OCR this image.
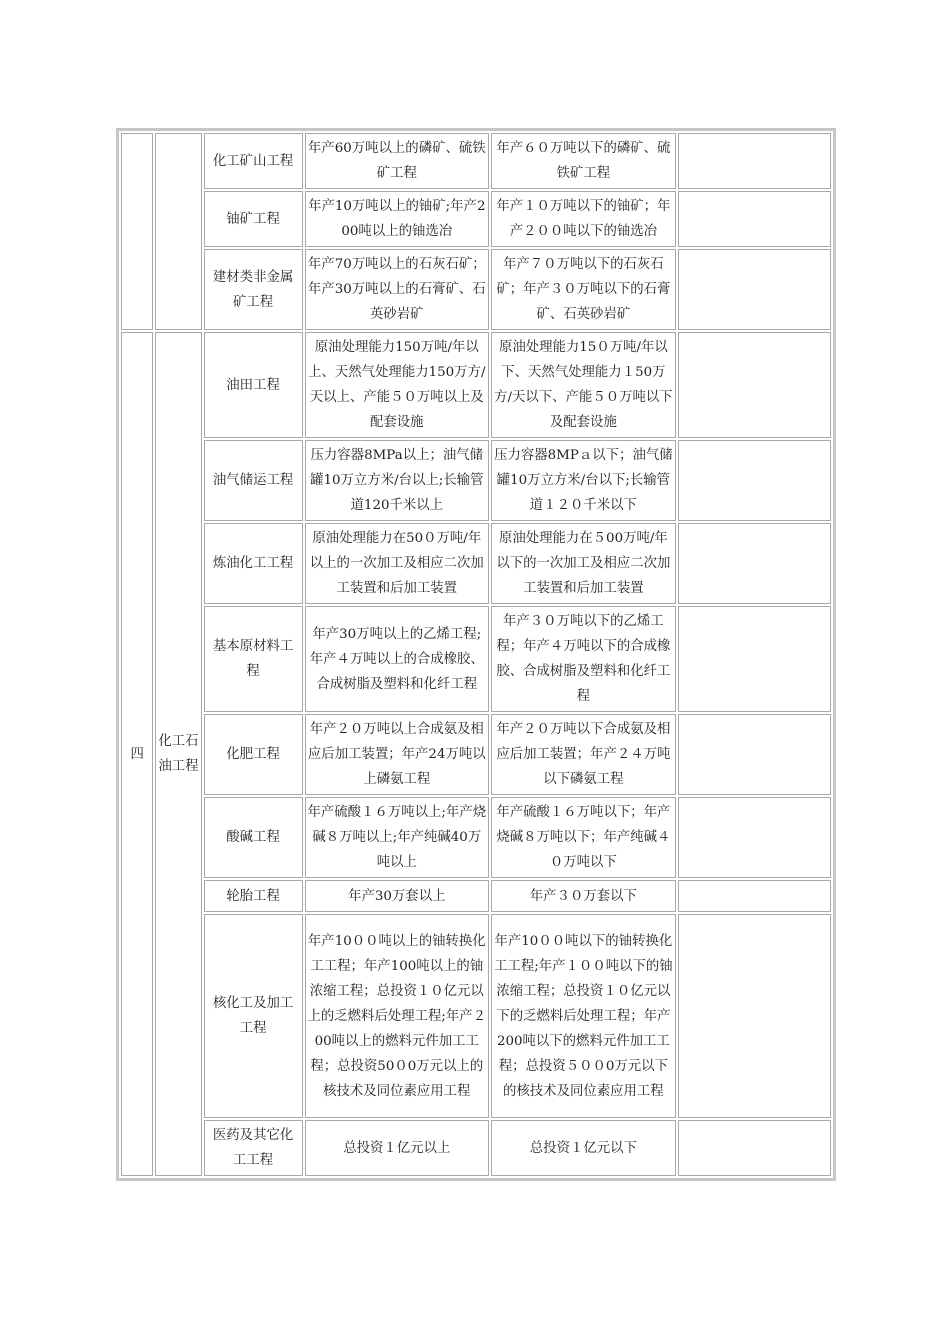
		化工矿山工程	年产60万吨以上的磷矿、硫铁矿工程	年产６０万吨以下的磷矿、硫铁矿工程	
		铀矿工程	年产10万吨以上的铀矿;年产200吨以上的铀选冶	年产１０万吨以下的铀矿；年产２００吨以下的铀选冶	
		建材类非金属矿工程	年产70万吨以上的石灰石矿；年产30万吨以上的石膏矿、石英砂岩矿	年产７０万吨以下的石灰石矿；年产３０万吨以下的石膏矿、石英砂岩矿	
四	化工石油工程	油田工程	原油处理能力150万吨/年以上、天然气处理能力150万方/天以上、产能５０万吨以上及配套设施	原油处理能力15０万吨/年以下、天然气处理能力１50万方/天以下、产能５０万吨以下及配套设施	
		油气储运工程	压力容器8MPa以上；油气储罐10万立方米/台以上;长输管道120千米以上	压力容器8MPａ以下；油气储罐10万立方米/台以下;长输管道１２０千米以下	
		炼油化工工程	原油处理能力在50０万吨/年以上的一次加工及相应二次加工装置和后加工装置	原油处理能力在５00万吨/年以下的一次加工及相应二次加工装置和后加工装置	
		基本原材料工程	年产30万吨以上的乙烯工程;年产４万吨以上的合成橡胶、合成树脂及塑料和化纤工程	年产３０万吨以下的乙烯工程；年产４万吨以下的合成橡胶、合成树脂及塑料和化纤工程	
		化肥工程	年产２０万吨以上合成氨及相应后加工装置；年产24万吨以上磷氨工程	年产２０万吨以下合成氨及相应后加工装置；年产２４万吨以下磷氨工程	
		酸碱工程	年产硫酸１６万吨以上;年产烧碱８万吨以上;年产纯碱40万吨以上	年产硫酸１６万吨以下；年产烧碱８万吨以下；年产纯碱４０万吨以下	
		轮胎工程	年产30万套以上	年产３０万套以下	
		核化工及加工工程	年产10００吨以上的铀转换化工工程；年产100吨以上的铀浓缩工程；总投资１０亿元以上的乏燃料后处理工程;年产２00吨以上的燃料元件加工工程；总投资50０0万元以上的核技术及同位素应用工程	年产10００吨以下的铀转换化工工程;年产１００吨以下的铀浓缩工程；总投资１０亿元以下的乏燃料后处理工程；年产200吨以下的燃料元件加工工程；总投资５００0万元以下的核技术及同位素应用工程	
		医药及其它化工工程	总投资１亿元以上	总投资１亿元以下	
